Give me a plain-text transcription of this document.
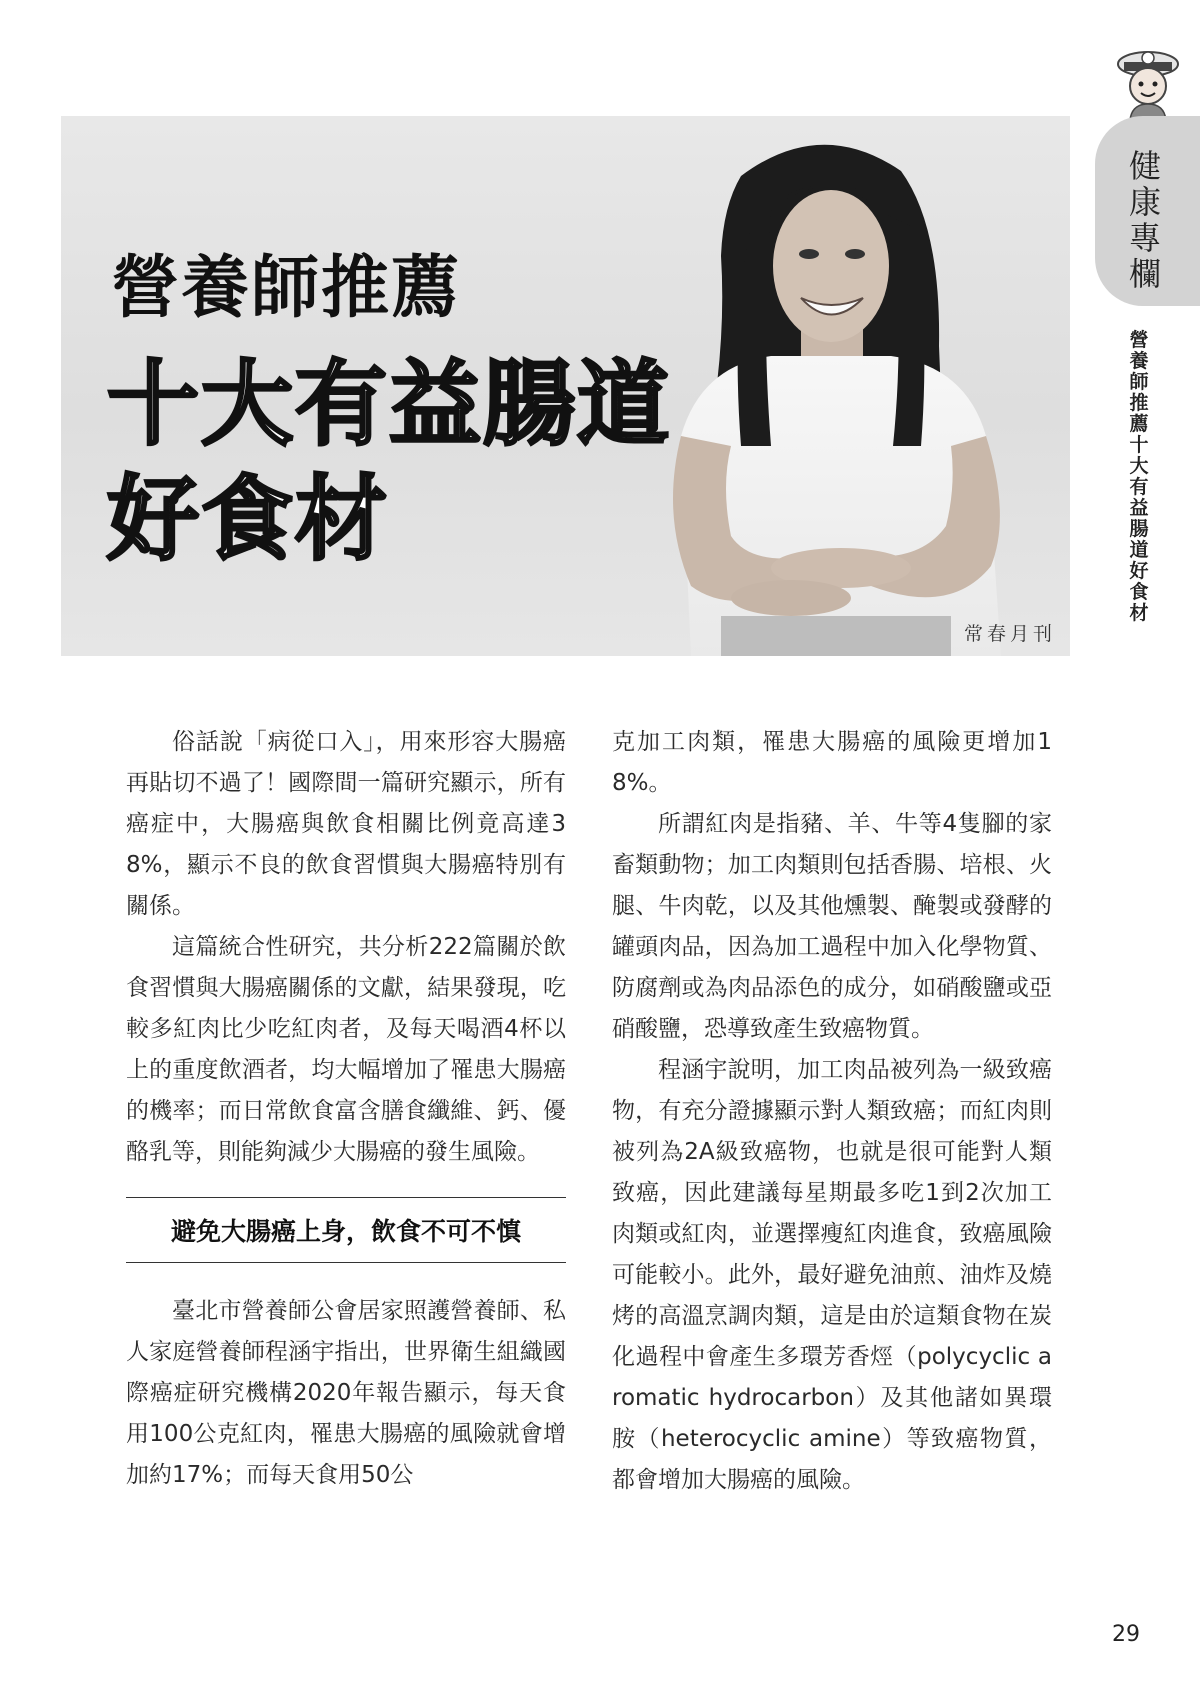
營養師推薦
十大有益腸道
好食材
常春月刊
健康專欄
營養師推薦十大有益腸道好食材

俗話說「病從口入」，用來形容大腸癌再貼切不過了！國際間一篇研究顯示，所有癌症中，大腸癌與飲食相關比例竟高達38%，顯示不良的飲食習慣與大腸癌特別有關係。

這篇統合性研究，共分析222篇關於飲食習慣與大腸癌關係的文獻，結果發現，吃較多紅肉比少吃紅肉者，及每天喝酒4杯以上的重度飲酒者，均大幅增加了罹患大腸癌的機率；而日常飲食富含膳食纖維、鈣、優酪乳等，則能夠減少大腸癌的發生風險。

避免大腸癌上身，飲食不可不慎

臺北市營養師公會居家照護營養師、私人家庭營養師程涵宇指出，世界衛生組織國際癌症研究機構2020年報告顯示，每天食用100公克紅肉，罹患大腸癌的風險就會增加約17%；而每天食用50公

克加工肉類，罹患大腸癌的風險更增加18%。

所謂紅肉是指豬、羊、牛等4隻腳的家畜類動物；加工肉類則包括香腸、培根、火腿、牛肉乾，以及其他燻製、醃製或發酵的罐頭肉品，因為加工過程中加入化學物質、防腐劑或為肉品添色的成分，如硝酸鹽或亞硝酸鹽，恐導致產生致癌物質。

程涵宇說明，加工肉品被列為一級致癌物，有充分證據顯示對人類致癌；而紅肉則被列為2A級致癌物，也就是很可能對人類致癌，因此建議每星期最多吃1到2次加工肉類或紅肉，並選擇瘦紅肉進食，致癌風險可能較小。此外，最好避免油煎、油炸及燒烤的高溫烹調肉類，這是由於這類食物在炭化過程中會產生多環芳香烴（polycyclic aromatic hydrocarbon）及其他諸如異環胺（heterocyclic amine）等致癌物質，都會增加大腸癌的風險。

29
